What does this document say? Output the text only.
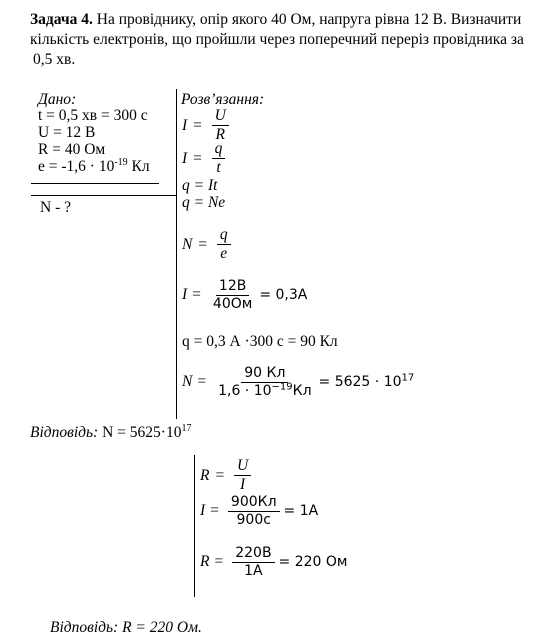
Задача 4. На провіднику, опір якого 40 Ом, напруга рівна 12 В. Визначити
кількість електронів, що пройшли через поперечний переріз провідника за
0,5 хв.
Дано:
t = 0,5 хв = 300 с
U = 12 В
R = 40 Ом
$e = -1,6 \cdot 10^{-19}$ Кл
N - ?
Розв’язання:
$I = \frac{U}{R}$
$I = \frac{q}{t}$
q = It
q = Ne
$N = \frac{q}{e}$
$I = \frac{12В}{40Ом} = 0,3А$
q = 0,3 А ·300 с = 90 Кл
$N = \frac{90 Кл}{1,6 \cdot 10^{-19}Кл} = 5625 \cdot 10^{17}$
Відповідь: $N = 5625\cdot 10^{17}$
$R = \frac{U}{I}$
$I = \frac{900Кл}{900с} = 1А$
$R = \frac{220В}{1А} = 220$ Ом
Відповідь: R = 220 Ом.
